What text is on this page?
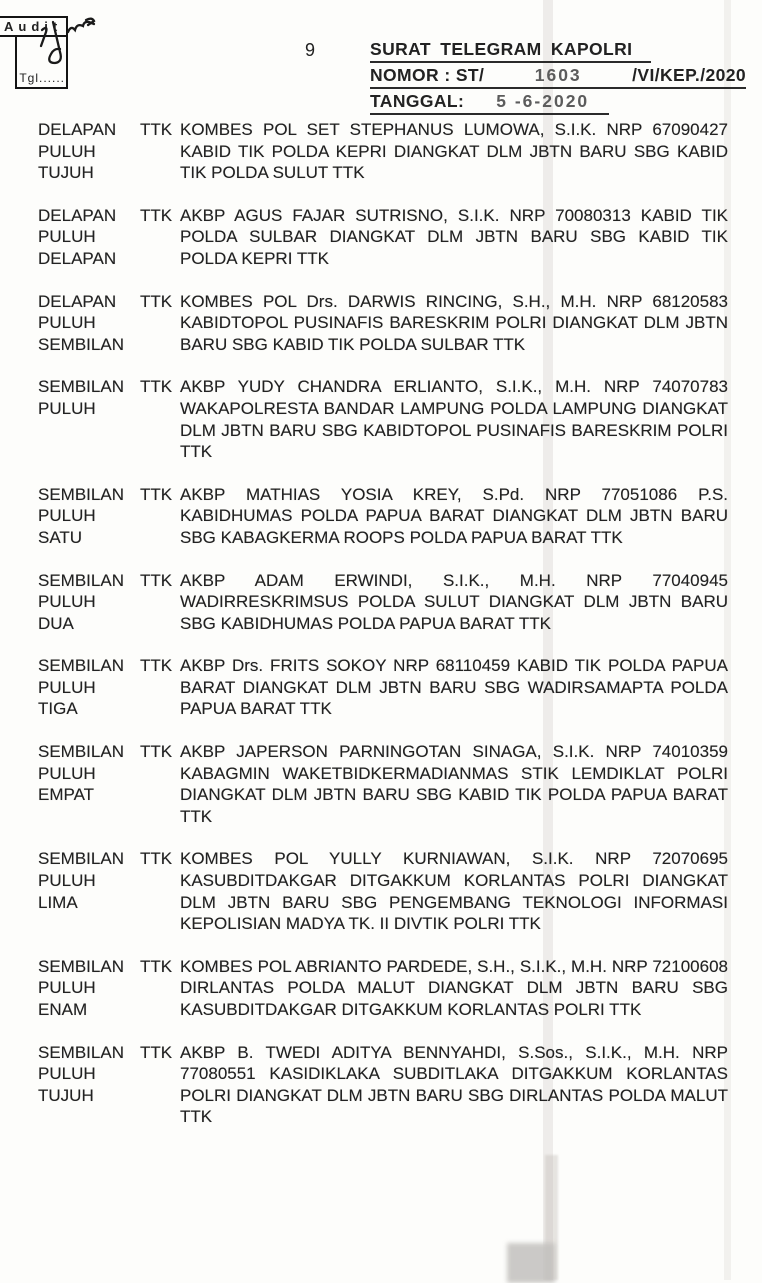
Audit
Tgl......
9	SURAT TELEGRAM KAPOLRI
NOMOR : ST/	1603	/VI/KEP./2020
TANGGAL: 5 -6-2020
DELAPAN
PULUH
TUJUH
TTK KOMBES POL SET STEPHANUS LUMOWA, S.I.K. NRP 67090427 KABID TIK POLDA KEPRI DIANGKAT DLM JBTN BARU SBG KABID TIK POLDA SULUT TTK
DELAPAN
PULUH
DELAPAN
TTK AKBP AGUS FAJAR SUTRISNO, S.I.K. NRP 70080313 KABID TIK POLDA SULBAR DIANGKAT DLM JBTN BARU SBG KABID TIK POLDA KEPRI TTK
DELAPAN
PULUH
SEMBILAN
TTK KOMBES POL Drs. DARWIS RINCING, S.H., M.H. NRP 68120583 KABIDTOPOL PUSINAFIS BARESKRIM POLRI DIANGKAT DLM JBTN BARU SBG KABID TIK POLDA SULBAR TTK
SEMBILAN
PULUH
TTK AKBP YUDY CHANDRA ERLIANTO, S.I.K., M.H. NRP 74070783 WAKAPOLRESTA BANDAR LAMPUNG POLDA LAMPUNG DIANGKAT DLM JBTN BARU SBG KABIDTOPOL PUSINAFIS BARESKRIM POLRI TTK
SEMBILAN
PULUH
SATU
TTK AKBP MATHIAS YOSIA KREY, S.Pd. NRP 77051086 P.S. KABIDHUMAS POLDA PAPUA BARAT DIANGKAT DLM JBTN BARU SBG KABAGKERMA ROOPS POLDA PAPUA BARAT TTK
SEMBILAN
PULUH
DUA
TTK AKBP ADAM ERWINDI, S.I.K., M.H. NRP 77040945 WADIRRESKRIMSUS POLDA SULUT DIANGKAT DLM JBTN BARU SBG KABIDHUMAS POLDA PAPUA BARAT TTK
SEMBILAN
PULUH
TIGA
TTK AKBP Drs. FRITS SOKOY NRP 68110459 KABID TIK POLDA PAPUA BARAT DIANGKAT DLM JBTN BARU SBG WADIRSAMAPTA POLDA PAPUA BARAT TTK
SEMBILAN
PULUH
EMPAT
TTK AKBP JAPERSON PARNINGOTAN SINAGA, S.I.K. NRP 74010359 KABAGMIN WAKETBIDKERMADIANMAS STIK LEMDIKLAT POLRI DIANGKAT DLM JBTN BARU SBG KABID TIK POLDA PAPUA BARAT TTK
SEMBILAN
PULUH
LIMA
TTK KOMBES POL YULLY KURNIAWAN, S.I.K. NRP 72070695 KASUBDITDAKGAR DITGAKKUM KORLANTAS POLRI DIANGKAT DLM JBTN BARU SBG PENGEMBANG TEKNOLOGI INFORMASI KEPOLISIAN MADYA TK. II DIVTIK POLRI TTK
SEMBILAN
PULUH
ENAM
TTK KOMBES POL ABRIANTO PARDEDE, S.H., S.I.K., M.H. NRP 72100608 DIRLANTAS POLDA MALUT DIANGKAT DLM JBTN BARU SBG KASUBDITDAKGAR DITGAKKUM KORLANTAS POLRI TTK
SEMBILAN
PULUH
TUJUH
TTK AKBP B. TWEDI ADITYA BENNYAHDI, S.Sos., S.I.K., M.H. NRP 77080551 KASIDIKLAKA SUBDITLAKA DITGAKKUM KORLANTAS POLRI DIANGKAT DLM JBTN BARU SBG DIRLANTAS POLDA MALUT TTK
